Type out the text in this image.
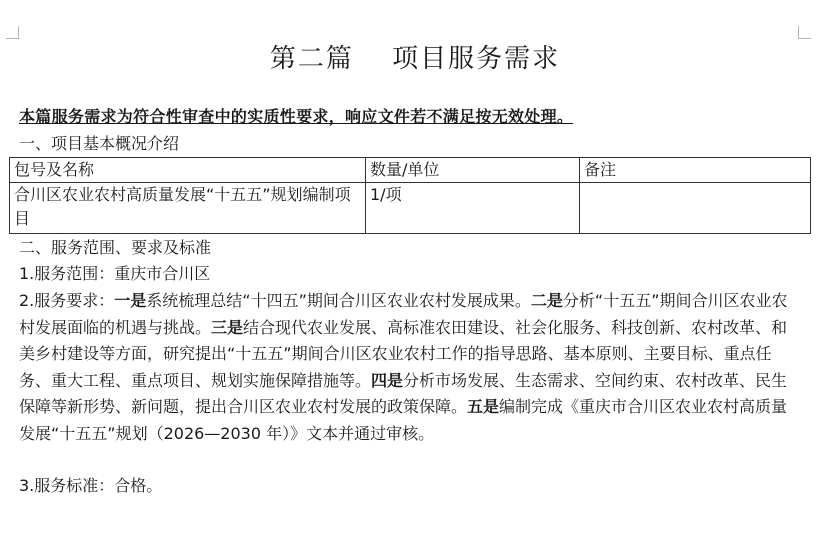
第二篇　 项目服务需求
本篇服务需求为符合性审查中的实质性要求，响应文件若不满足按无效处理。
一、项目基本概况介绍
包号及名称	数量/单位	备注
合川区农业农村高质量发展“十五五”规划编制项目	1/项	
二、服务范围、要求及标准
1.服务范围：重庆市合川区
2.服务要求：一是系统梳理总结“十四五”期间合川区农业农村发展成果。二是分析“十五五”期间合川区农业农村发展面临的机遇与挑战。三是结合现代农业发展、高标准农田建设、社会化服务、科技创新、农村改革、和美乡村建设等方面，研究提出“十五五”期间合川区农业农村工作的指导思路、基本原则、主要目标、重点任务、重大工程、重点项目、规划实施保障措施等。四是分析市场发展、生态需求、空间约束、农村改革、民生保障等新形势、新问题，提出合川区农业农村发展的政策保障。五是编制完成《重庆市合川区农业农村高质量发展“十五五”规划（2026—2030 年）》文本并通过审核。
3.服务标准：合格。
